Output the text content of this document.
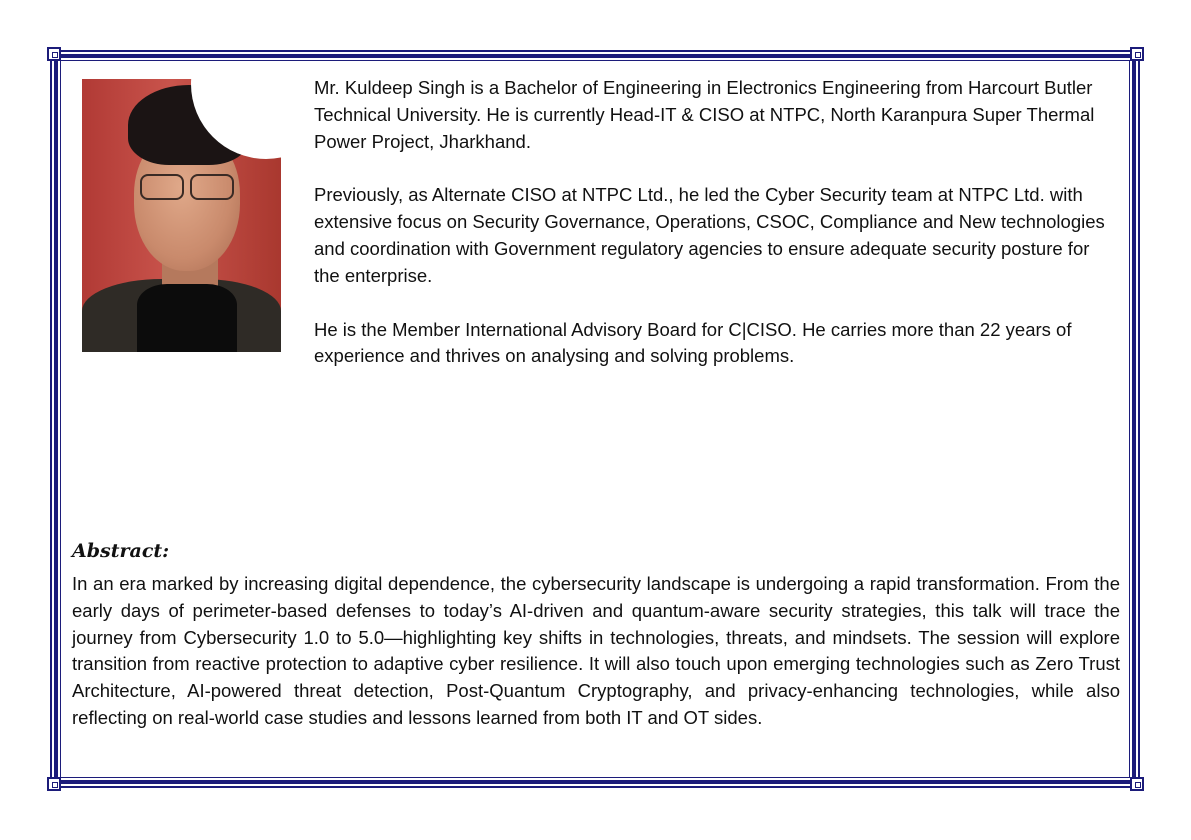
Mr. Kuldeep Singh is a Bachelor of Engineering in Electronics Engineering from Harcourt Butler Technical University. He is currently Head-IT & CISO at NTPC, North Karanpura Super Thermal Power Project, Jharkhand.

Previously, as Alternate CISO at NTPC Ltd., he led the Cyber Security team at NTPC Ltd. with extensive focus on Security Governance, Operations, CSOC, Compliance and New technologies and coordination with Government regulatory agencies to ensure adequate security posture for the enterprise.

He is the Member International Advisory Board for C|CISO. He carries more than 22 years of experience and thrives on analysing and solving problems.

Abstract:

In an era marked by increasing digital dependence, the cybersecurity landscape is undergoing a rapid transformation. From the early days of perimeter-based defenses to today’s AI-driven and quantum-aware security strategies, this talk will trace the journey from Cybersecurity 1.0 to 5.0—highlighting key shifts in technologies, threats, and mindsets. The session will explore transition from reactive protection to adaptive cyber resilience. It will also touch upon emerging technologies such as Zero Trust Architecture, AI-powered threat detection, Post-Quantum Cryptography, and privacy-enhancing technologies, while also reflecting on real-world case studies and lessons learned from both IT and OT sides.
